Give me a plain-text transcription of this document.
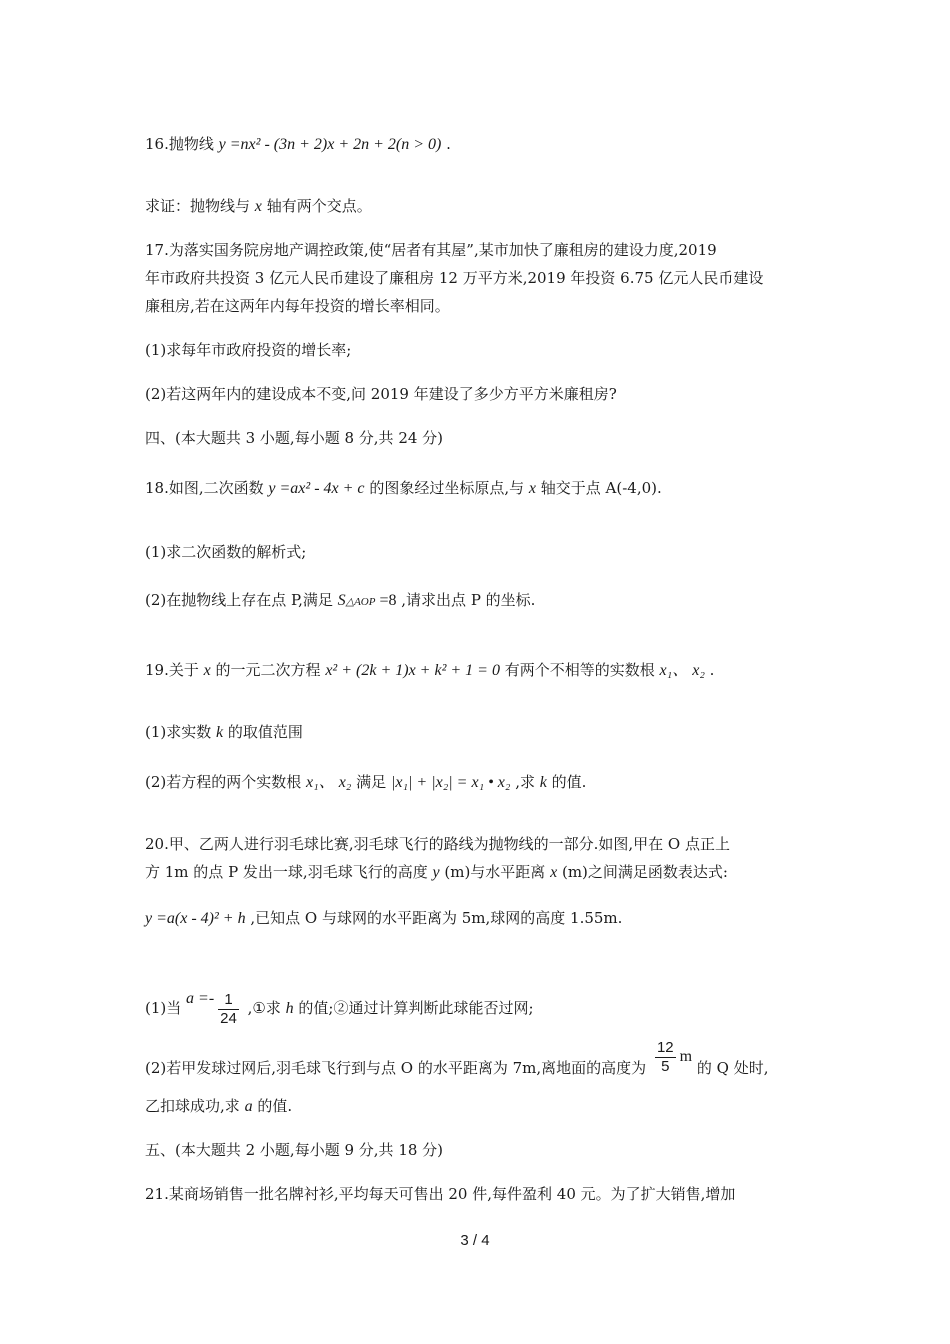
16.抛物线 y =nx² - (3n + 2)x + 2n + 2(n > 0) .
求证：抛物线与 x 轴有两个交点。
17.为落实国务院房地产调控政策,使“居者有其屋”,某市加快了廉租房的建设力度,2019
年市政府共投资 3 亿元人民币建设了廉租房 12 万平方米,2019 年投资 6.75 亿元人民币建设
廉租房,若在这两年内每年投资的增长率相同。
(1)求每年市政府投资的增长率;
(2)若这两年内的建设成本不变,问 2019 年建设了多少方平方米廉租房?
四、(本大题共 3 小题,每小题 8 分,共 24 分)
18.如图,二次函数 y =ax² - 4x + c 的图象经过坐标原点,与 x 轴交于点 A(-4,0).
(1)求二次函数的解析式;
(2)在抛物线上存在点 P,满足 S△AOP =8 ,请求出点 P 的坐标.
19.关于 x 的一元二次方程 x² + (2k + 1)x + k² + 1 = 0 有两个不相等的实数根 x₁、 x₂ .
(1)求实数 k 的取值范围
(2)若方程的两个实数根 x₁、 x₂ 满足 |x₁| + |x₂| = x₁ • x₂ ,求 k 的值.
20.甲、乙两人进行羽毛球比赛,羽毛球飞行的路线为抛物线的一部分.如图,甲在 O 点正上
方 1m 的点 P 发出一球,羽毛球飞行的高度 y (m)与水平距离 x (m)之间满足函数表达式:
y =a(x - 4)² + h ,已知点 O 与球网的水平距离为 5m,球网的高度 1.55m.
(1)当 $a =- \frac{1}{24}$ ,①求 h 的值;②通过计算判断此球能否过网;
(2)若甲发球过网后,羽毛球飞行到与点 O 的水平距离为 7m,离地面的高度为 $\frac{12}{5}$ m 的 Q 处时,
乙扣球成功,求 a 的值.
五、(本大题共 2 小题,每小题 9 分,共 18 分)
21.某商场销售一批名牌衬衫,平均每天可售出 20 件,每件盈利 40 元。为了扩大销售,增加
3 / 4
